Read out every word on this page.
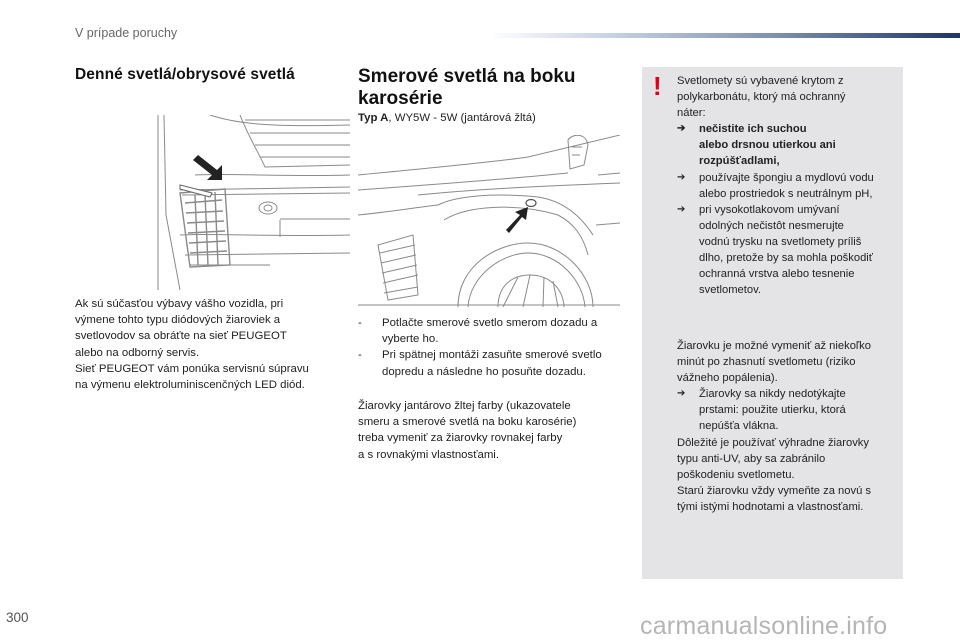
V prípade poruchy
Denné svetlá/obrysové svetlá

Ak sú súčasťou výbavy vášho vozidla, pri

výmene tohto typu diódových žiaroviek a

svetlovodov sa obráťte na sieť PEUGEOT

alebo na odborný servis.

Sieť PEUGEOT vám ponúka servisnú súpravu

na výmenu elektroluminiscenčných LED diód.

Smerové svetlá na boku
karosérie
Typ A, WY5W - 5W (jantárová žltá)
- Potlačte smerové svetlo smerom dozadu a
vyberte ho.
- Pri spätnej montáži zasuňte smerové svetlo
dopredu a následne ho posuňte dozadu.

Žiarovky jantárovo žltej farby (ukazovatele

smeru a smerové svetlá na boku karosérie)

treba vymeniť za žiarovky rovnakej farby

a s rovnakými vlastnosťami.

! Svetlomety sú vybavené krytom z

polykarbonátu, ktorý má ochranný

náter:

➔ nečistite ich suchou
alebo drsnou utierkou ani
rozpúšťadlami,
➔ používajte špongiu a mydlovú vodu
alebo prostriedok s neutrálnym pH,
➔ pri vysokotlakovom umývaní
odolných nečistôt nesmerujte
vodnú trysku na svetlomety príliš
dlho, pretože by sa mohla poškodiť
ochranná vrstva alebo tesnenie
svetlometov.

Žiarovku je možné vymeniť až niekoľko

minút po zhasnutí svetlometu (riziko

vážneho popálenia).

➔ Žiarovky sa nikdy nedotýkajte
prstami: použite utierku, ktorá
nepúšťa vlákna.

Dôležité je používať výhradne žiarovky

typu anti-UV, aby sa zabránilo

poškodeniu svetlometu.

Starú žiarovku vždy vymeňte za novú s

tými istými hodnotami a vlastnosťami.

300	carmanualsonline.info
